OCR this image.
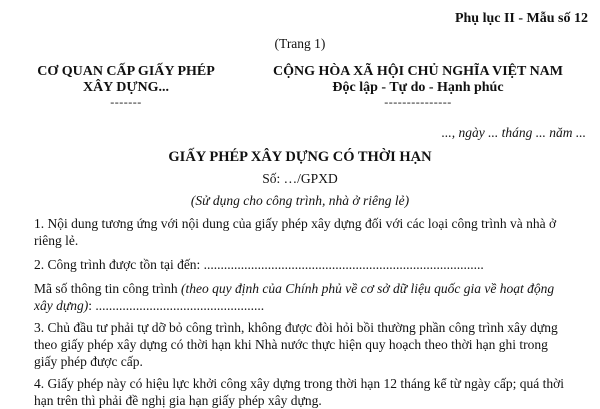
Phụ lục II - Mẫu số 12
(Trang 1)
CƠ QUAN CẤP GIẤY PHÉP
XÂY DỰNG...
-------
CỘNG HÒA XÃ HỘI CHỦ NGHĨA VIỆT NAM
Độc lập - Tự do - Hạnh phúc
---------------
..., ngày ... tháng ... năm ...
GIẤY PHÉP XÂY DỰNG CÓ THỜI HẠN
Số: …/GPXD
(Sử dụng cho công trình, nhà ở riêng lẻ)
1. Nội dung tương ứng với nội dung của giấy phép xây dựng đối với các loại công trình và nhà ở riêng lẻ.
2. Công trình được tồn tại đến: ...................................................................................
Mã số thông tin công trình (theo quy định của Chính phủ về cơ sở dữ liệu quốc gia về hoạt động xây dựng): ..................................................
3. Chủ đầu tư phải tự dỡ bỏ công trình, không được đòi hỏi bồi thường phần công trình xây dựng theo giấy phép xây dựng có thời hạn khi Nhà nước thực hiện quy hoạch theo thời hạn ghi trong giấy phép được cấp.
4. Giấy phép này có hiệu lực khởi công xây dựng trong thời hạn 12 tháng kể từ ngày cấp; quá thời hạn trên thì phải đề nghị gia hạn giấy phép xây dựng.
